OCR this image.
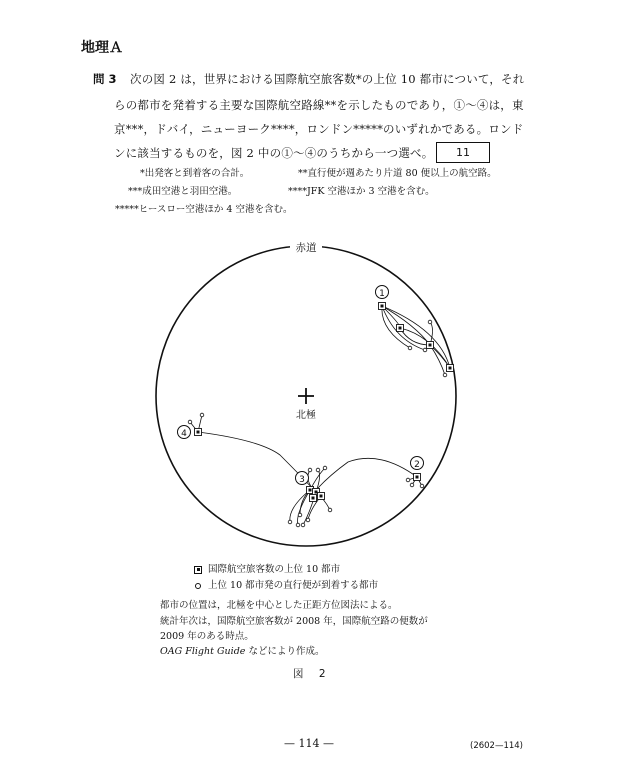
地理Ａ
問 3 次の図 2 は，世界における国際航空旅客数*の上位 10 都市について，それ
らの都市を発着する主要な国際航空路線**を示したものであり，①～④は，東
京***，ドバイ，ニューヨーク****，ロンドン*****のいずれかである。ロンド
ンに該当するものを，図 2 中の①～④のうちから一つ選べ。	11
*出発客と到着客の合計。	**直行便が週あたり片道 80 便以上の航空路。
***成田空港と羽田空港。	****JFK 空港ほか 3 空港を含む。
*****ヒースロー空港ほか 4 空港を含む。
赤道
北極
1
2
3
4
国際航空旅客数の上位 10 都市
上位 10 都市発の直行便が到着する都市
都市の位置は，北極を中心とした正距方位図法による。
統計年次は，国際航空旅客数が 2008 年，国際航空路の便数が
2009 年のある時点。
OAG Flight Guide などにより作成。
図 2
— 114 —	(2602—114)
